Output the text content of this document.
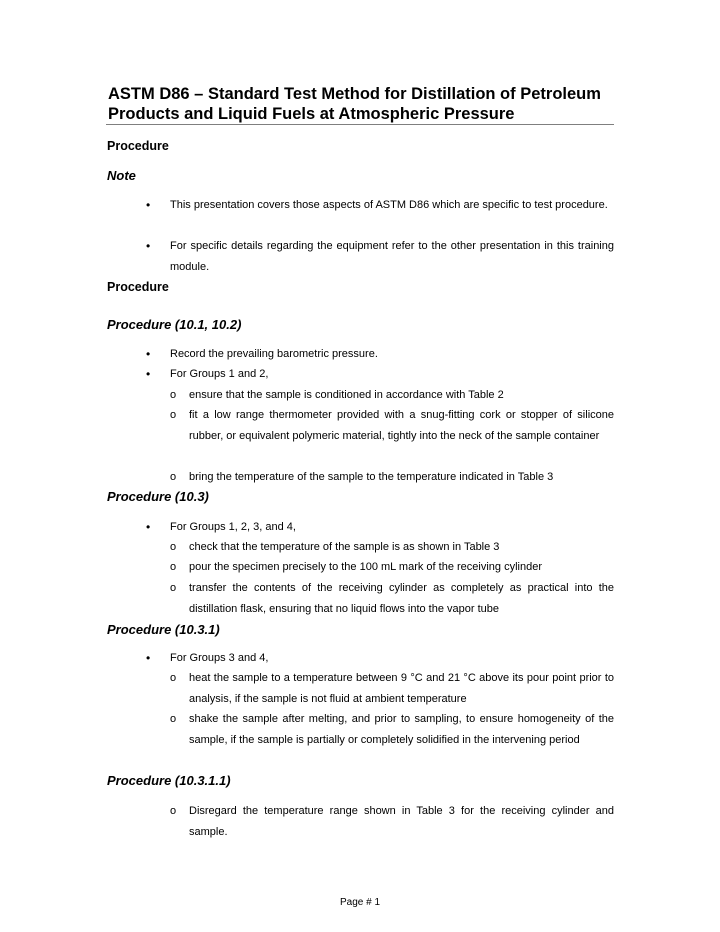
ASTM D86 – Standard Test Method for Distillation of Petroleum Products and Liquid Fuels at Atmospheric Pressure

Procedure

Note

• This presentation covers those aspects of ASTM D86 which are specific to test procedure.

• For specific details regarding the equipment refer to the other presentation in this training module.

Procedure

Procedure (10.1, 10.2)

• Record the prevailing barometric pressure.

• For Groups 1 and 2,

o ensure that the sample is conditioned in accordance with Table 2

o fit a low range thermometer provided with a snug-fitting cork or stopper of silicone rubber, or equivalent polymeric material, tightly into the neck of the sample container

o bring the temperature of the sample to the temperature indicated in Table 3

Procedure (10.3)

• For Groups 1, 2, 3, and 4,

o check that the temperature of the sample is as shown in Table 3

o pour the specimen precisely to the 100 mL mark of the receiving cylinder

o transfer the contents of the receiving cylinder as completely as practical into the distillation flask, ensuring that no liquid flows into the vapor tube

Procedure (10.3.1)

• For Groups 3 and 4,

o heat the sample to a temperature between 9 °C and 21 °C above its pour point prior to analysis, if the sample is not fluid at ambient temperature

o shake the sample after melting, and prior to sampling, to ensure homogeneity of the sample, if the sample is partially or completely solidified in the intervening period

Procedure (10.3.1.1)

o Disregard the temperature range shown in Table 3 for the receiving cylinder and sample.

Page # 1
